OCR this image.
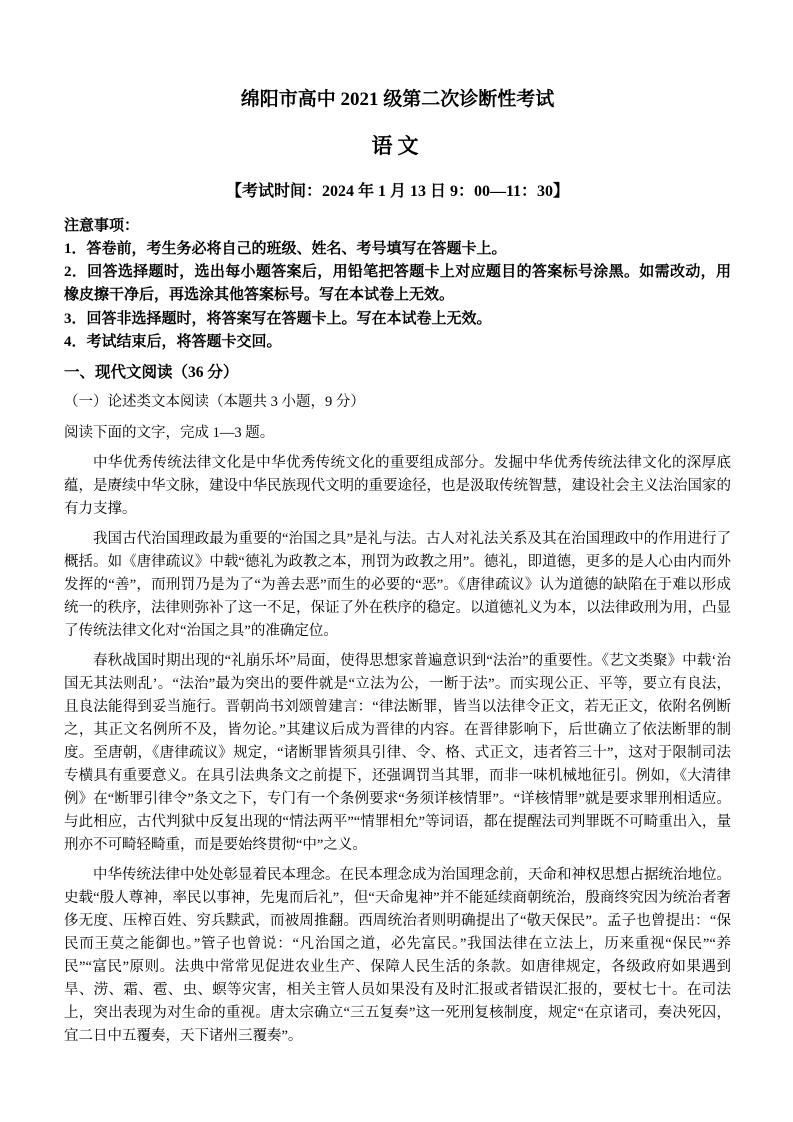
绵阳市高中 2021 级第二次诊断性考试
语文
【考试时间：2024 年 1 月 13 日 9：00—11：30】
注意事项：

1．答卷前，考生务必将自己的班级、姓名、考号填写在答题卡上。

2．回答选择题时，选出每小题答案后，用铅笔把答题卡上对应题目的答案标号涂黑。如需改动，用橡皮擦干净后，再选涂其他答案标号。写在本试卷上无效。

3．回答非选择题时，将答案写在答题卡上。写在本试卷上无效。

4．考试结束后，将答题卡交回。

一、现代文阅读（36 分）
（一）论述类文本阅读（本题共 3 小题，9 分）
阅读下面的文字，完成 1—3 题。

中华优秀传统法律文化是中华优秀传统文化的重要组成部分。发掘中华优秀传统法律文化的深厚底蕴，是赓续中华文脉，建设中华民族现代文明的重要途径，也是汲取传统智慧，建设社会主义法治国家的有力支撑。

我国古代治国理政最为重要的“治国之具”是礼与法。古人对礼法关系及其在治国理政中的作用进行了概括。如《唐律疏议》中载“德礼为政教之本，刑罚为政教之用”。德礼，即道德，更多的是人心由内而外发挥的“善”，而刑罚乃是为了“为善去恶”而生的必要的“恶”。《唐律疏议》认为道德的缺陷在于难以形成统一的秩序，法律则弥补了这一不足，保证了外在秩序的稳定。以道德礼义为本，以法律政刑为用，凸显了传统法律文化对“治国之具”的准确定位。

春秋战国时期出现的“礼崩乐坏”局面，使得思想家普遍意识到“法治”的重要性。《艺文类聚》中载‘治国无其法则乱’。“法治”最为突出的要件就是“立法为公，一断于法”。而实现公正、平等，要立有良法，且良法能得到妥当施行。晋朝尚书刘颂曾建言：“律法断罪，皆当以法律令正文，若无正文，依附名例断之，其正文名例所不及，皆勿论。”其建议后成为晋律的内容。在晋律影响下，后世确立了依法断罪的制度。至唐朝，《唐律疏议》规定，“诸断罪皆须具引律、令、格、式正文，违者笞三十”，这对于限制司法专横具有重要意义。在具引法典条文之前提下，还强调罚当其罪，而非一味机械地征引。例如，《大清律例》在“断罪引律令”条文之下，专门有一个条例要求“务须详核情罪”。“详核情罪”就是要求罪刑相适应。与此相应，古代判狱中反复出现的“情法两平”“情罪相允”等词语，都在提醒法司判罪既不可畸重出入，量刑亦不可畸轻畸重，而是要始终贯彻“中”之义。

中华传统法律中处处彰显着民本理念。在民本理念成为治国理念前，天命和神权思想占据统治地位。史载“殷人尊神，率民以事神，先鬼而后礼”，但“天命鬼神”并不能延续商朝统治，殷商终究因为统治者奢侈无度、压榨百姓、穷兵黩武，而被周推翻。西周统治者则明确提出了“敬天保民”。孟子也曾提出：“保民而王莫之能御也。”管子也曾说：“凡治国之道，必先富民。”我国法律在立法上，历来重视“保民”“养民”“富民”原则。法典中常常见促进农业生产、保障人民生活的条款。如唐律规定，各级政府如果遇到旱、涝、霜、雹、虫、螟等灾害，相关主管人员如果没有及时汇报或者错误汇报的，要杖七十。在司法上，突出表现为对生命的重视。唐太宗确立“三五复奏”这一死刑复核制度，规定“在京诸司，奏决死囚，宜二日中五覆奏，天下诸州三覆奏”。
